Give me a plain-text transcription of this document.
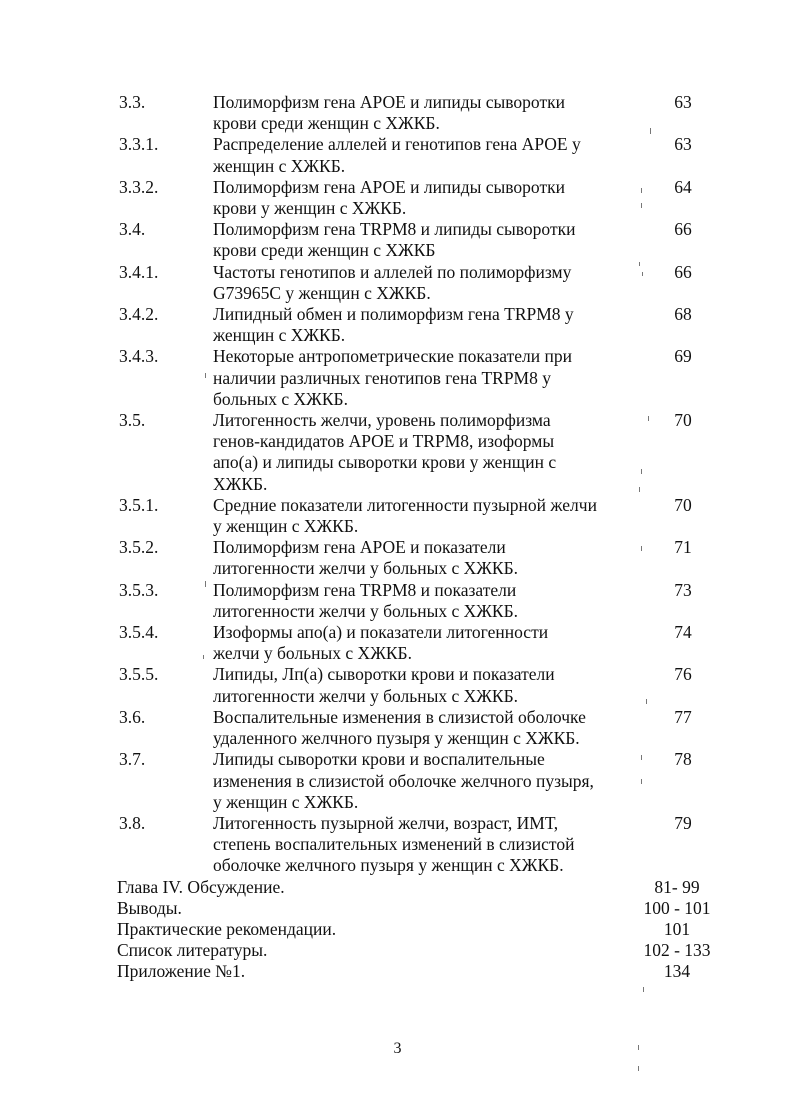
3.3.	Полиморфизм гена АРОЕ и липиды сыворотки
крови среди женщин с ХЖКБ.
63
3.3.1.	Распределение аллелей и генотипов гена АРОЕ у
женщин с ХЖКБ.
63
3.3.2.	Полиморфизм гена АРОЕ и липиды сыворотки
крови у женщин с ХЖКБ.
64
3.4.	Полиморфизм гена TRPM8 и липиды сыворотки
крови среди женщин с ХЖКБ
66
3.4.1.	Частоты генотипов и аллелей по полиморфизму
G73965C у женщин с ХЖКБ.
66
3.4.2.	Липидный обмен и полиморфизм гена TRPM8 у
женщин с ХЖКБ.
68
3.4.3.	Некоторые антропометрические показатели при
наличии различных генотипов гена TRPM8 у
больных с ХЖКБ.
69
3.5.	Литогенность желчи, уровень полиморфизма
генов-кандидатов АРОЕ и TRPM8, изоформы
апо(а) и липиды сыворотки крови у женщин с
ХЖКБ.
70
3.5.1.	Средние показатели литогенности пузырной желчи
у женщин с ХЖКБ.
70
3.5.2.	Полиморфизм гена АРОЕ и показатели
литогенности желчи у больных с ХЖКБ.
71
3.5.3.	Полиморфизм гена TRPM8 и показатели
литогенности желчи у больных с ХЖКБ.
73
3.5.4.	Изоформы апо(а) и показатели литогенности
желчи у больных с ХЖКБ.
74
3.5.5.	Липиды, Лп(а) сыворотки крови и показатели
литогенности желчи у больных с ХЖКБ.
76
3.6.	Воспалительные изменения в слизистой оболочке
удаленного желчного пузыря у женщин с ХЖКБ.
77
3.7.	Липиды сыворотки крови и воспалительные
изменения в слизистой оболочке желчного пузыря,
у женщин с ХЖКБ.
78
3.8.	Литогенность пузырной желчи, возраст, ИМТ,
степень воспалительных изменений в слизистой
оболочке желчного пузыря у женщин с ХЖКБ.
79
Глава IV. Обсуждение.	81- 99
Выводы.	100 - 101
Практические рекомендации.	101
Список литературы.	102 - 133
Приложение №1.	134
3
